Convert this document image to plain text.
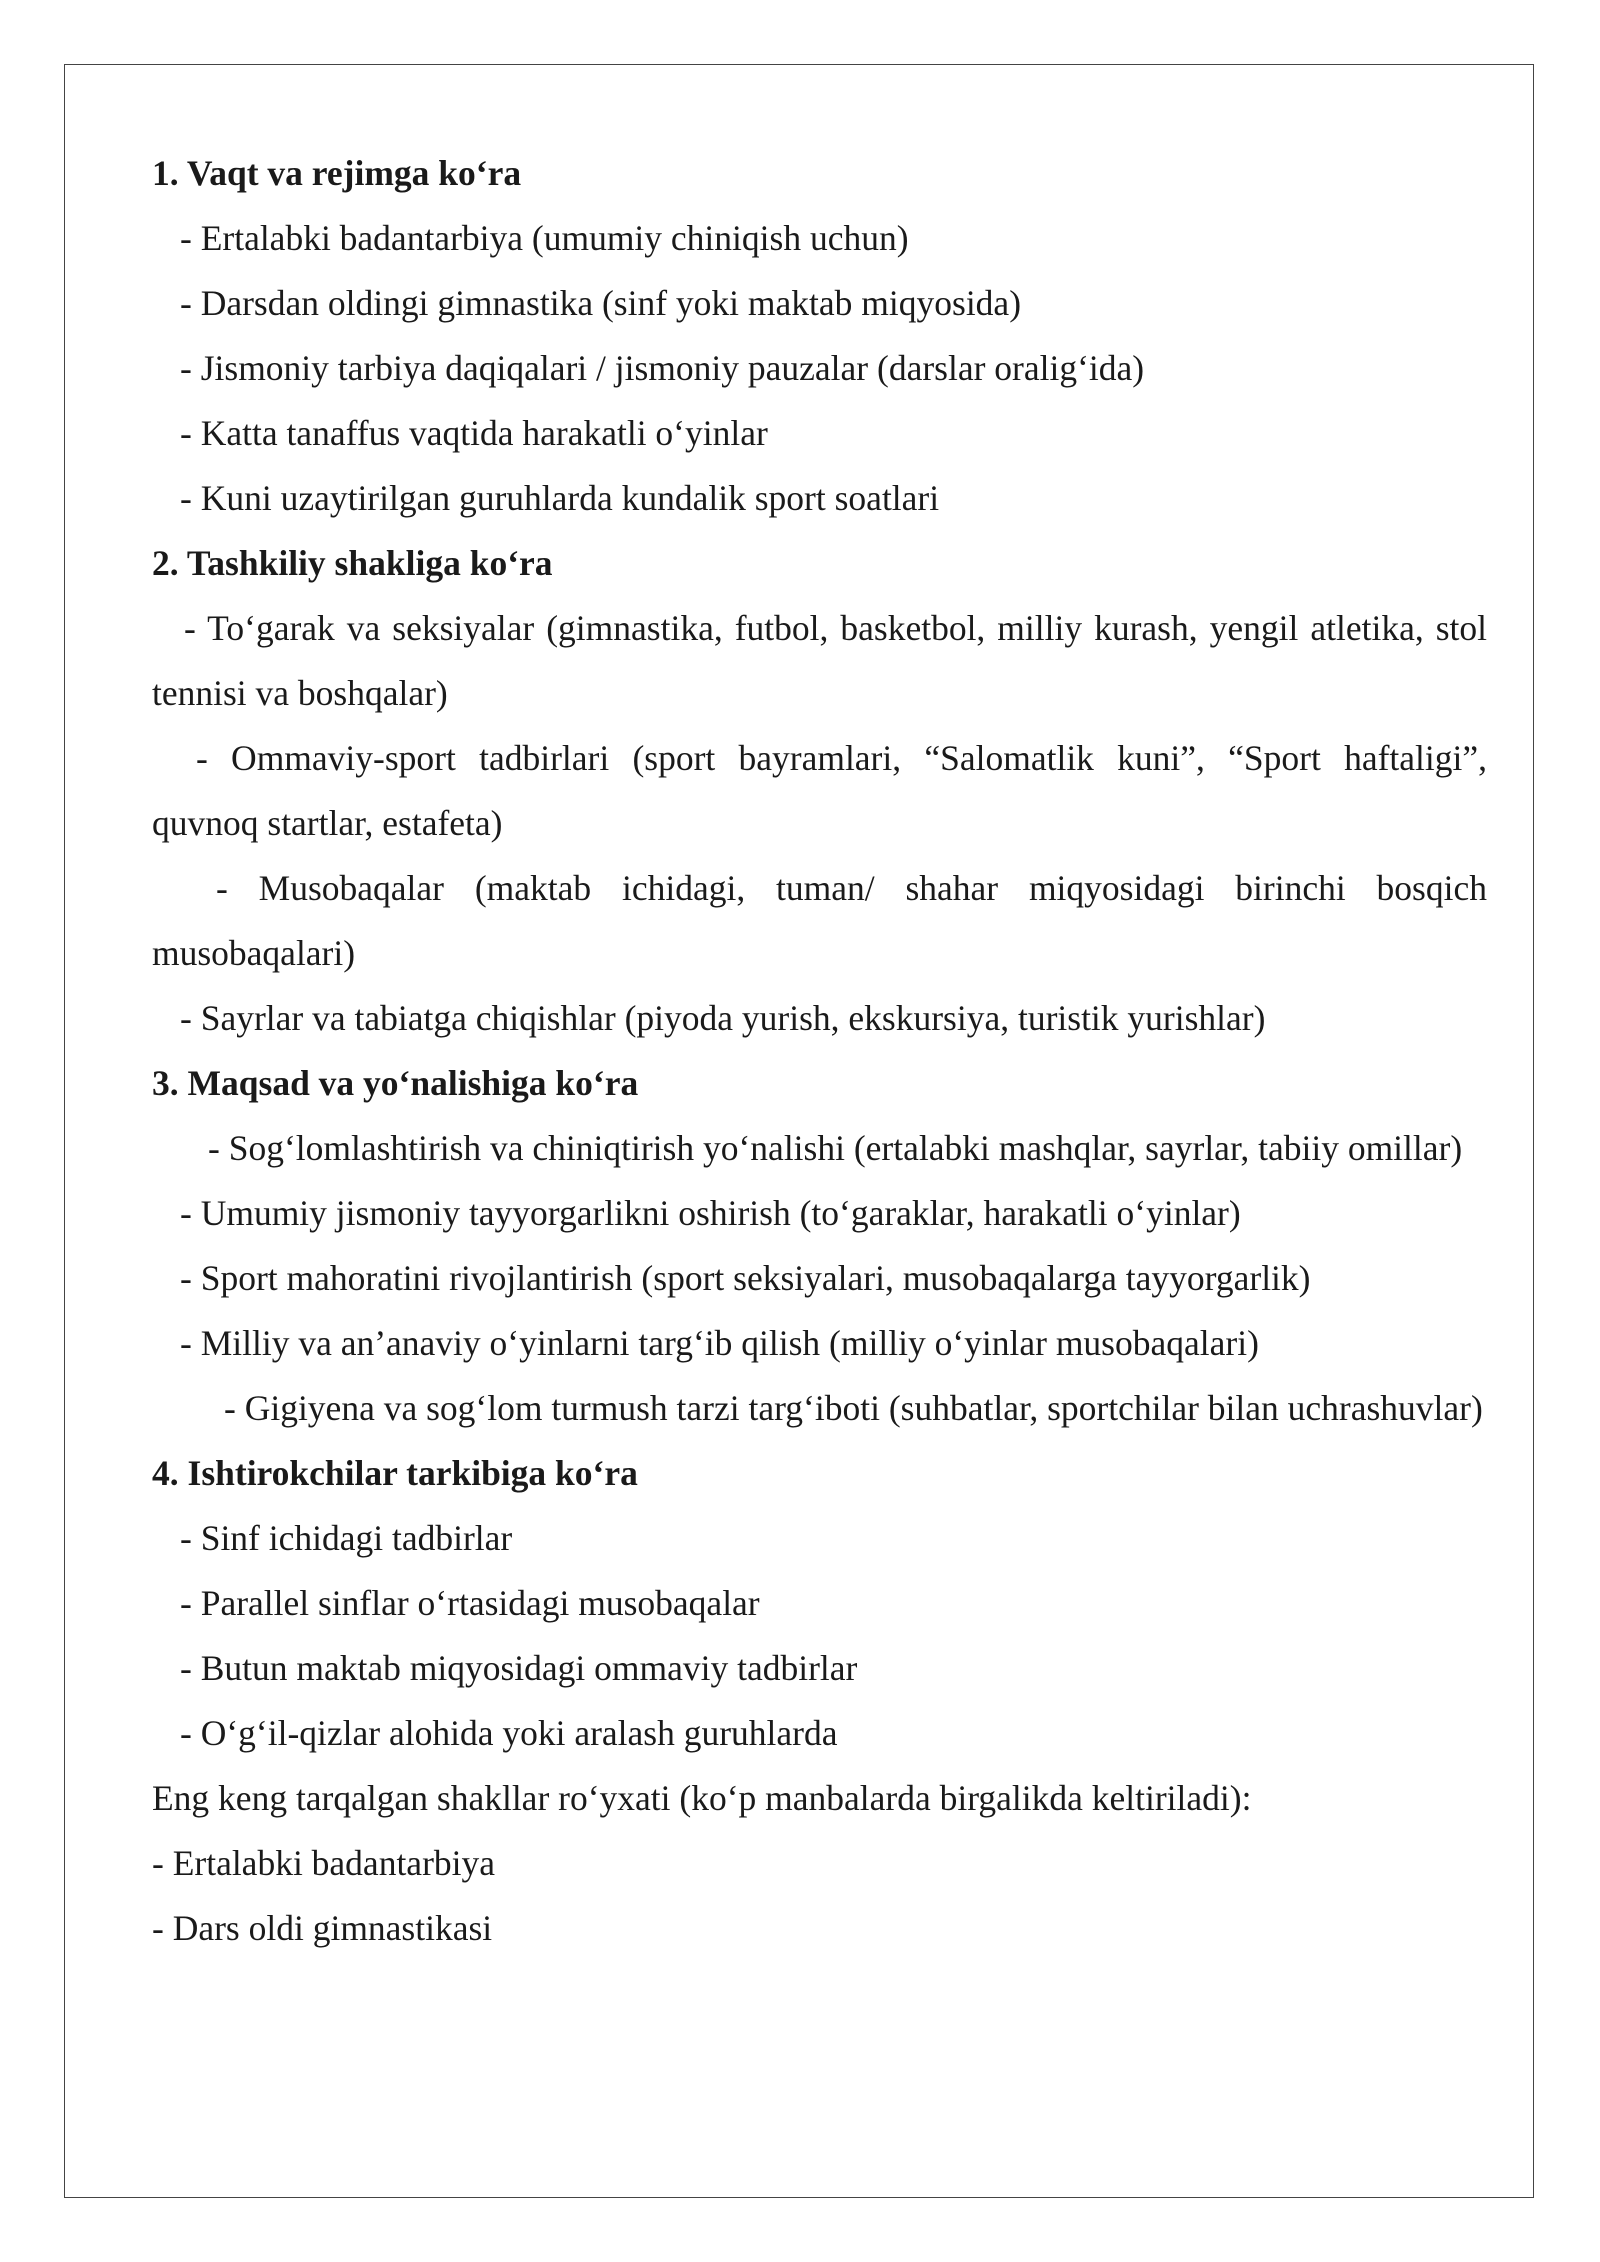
1. Vaqt va rejimga ko‘ra

- Ertalabki badantarbiya (umumiy chiniqish uchun)

- Darsdan oldingi gimnastika (sinf yoki maktab miqyosida)

- Jismoniy tarbiya daqiqalari / jismoniy pauzalar (darslar oralig‘ida)

- Katta tanaffus vaqtida harakatli o‘yinlar

- Kuni uzaytirilgan guruhlarda kundalik sport soatlari

2. Tashkiliy shakliga ko‘ra

- To‘garak va seksiyalar (gimnastika, futbol, basketbol, milliy kurash, yengil atletika, stol tennisi va boshqalar)

- Ommaviy-sport tadbirlari (sport bayramlari, “Salomatlik kuni”, “Sport haftaligi”, quvnoq startlar, estafeta)

- Musobaqalar (maktab ichidagi, tuman/ shahar miqyosidagi birinchi bosqich musobaqalari)

- Sayrlar va tabiatga chiqishlar (piyoda yurish, ekskursiya, turistik yurishlar)

3. Maqsad va yo‘nalishiga ko‘ra

- Sog‘lomlashtirish va chiniqtirish yo‘nalishi (ertalabki mashqlar, sayrlar, tabiiy omillar)

- Umumiy jismoniy tayyorgarlikni oshirish (to‘garaklar, harakatli o‘yinlar)

- Sport mahoratini rivojlantirish (sport seksiyalari, musobaqalarga tayyorgarlik)

- Milliy va an’anaviy o‘yinlarni targ‘ib qilish (milliy o‘yinlar musobaqalari)

- Gigiyena va sog‘lom turmush tarzi targ‘iboti (suhbatlar, sportchilar bilan uchrashuvlar)

4. Ishtirokchilar tarkibiga ko‘ra

- Sinf ichidagi tadbirlar

- Parallel sinflar o‘rtasidagi musobaqalar

- Butun maktab miqyosidagi ommaviy tadbirlar

- O‘g‘il-qizlar alohida yoki aralash guruhlarda

Eng keng tarqalgan shakllar ro‘yxati (ko‘p manbalarda birgalikda keltiriladi):

- Ertalabki badantarbiya

- Dars oldi gimnastikasi
